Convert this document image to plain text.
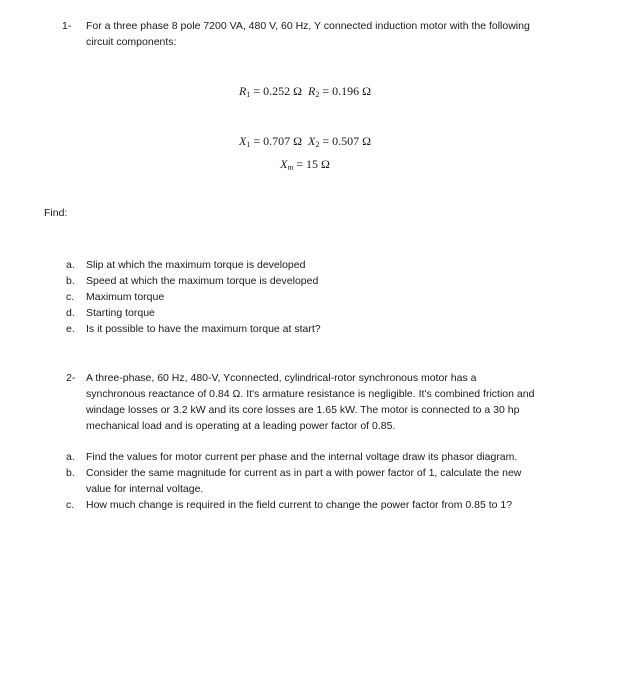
1- For a three phase 8 pole 7200 VA, 480 V, 60 Hz, Y connected induction motor with the following
circuit components:
$R_1 = 0.252$ Ω $R_2 = 0.196$ Ω
$X_1 = 0.707$ Ω $X_2 = 0.507$ Ω
$X_m = 15$ Ω
Find:
a. Slip at which the maximum torque is developed
b. Speed at which the maximum torque is developed
c. Maximum torque
d. Starting torque
e. Is it possible to have the maximum torque at start?
2- A three-phase, 60 Hz, 480-V, Yconnected, cylindrical-rotor synchronous motor has a
synchronous reactance of 0.84 Ω. It's armature resistance is negligible. It's combined friction and
windage losses or 3.2 kW and its core losses are 1.65 kW. The motor is connected to a 30 hp
mechanical load and is operating at a leading power factor of 0.85.
a. Find the values for motor current per phase and the internal voltage draw its phasor diagram.
b. Consider the same magnitude for current as in part a with power factor of 1, calculate the new
value for internal voltage.
c. How much change is required in the field current to change the power factor from 0.85 to 1?
